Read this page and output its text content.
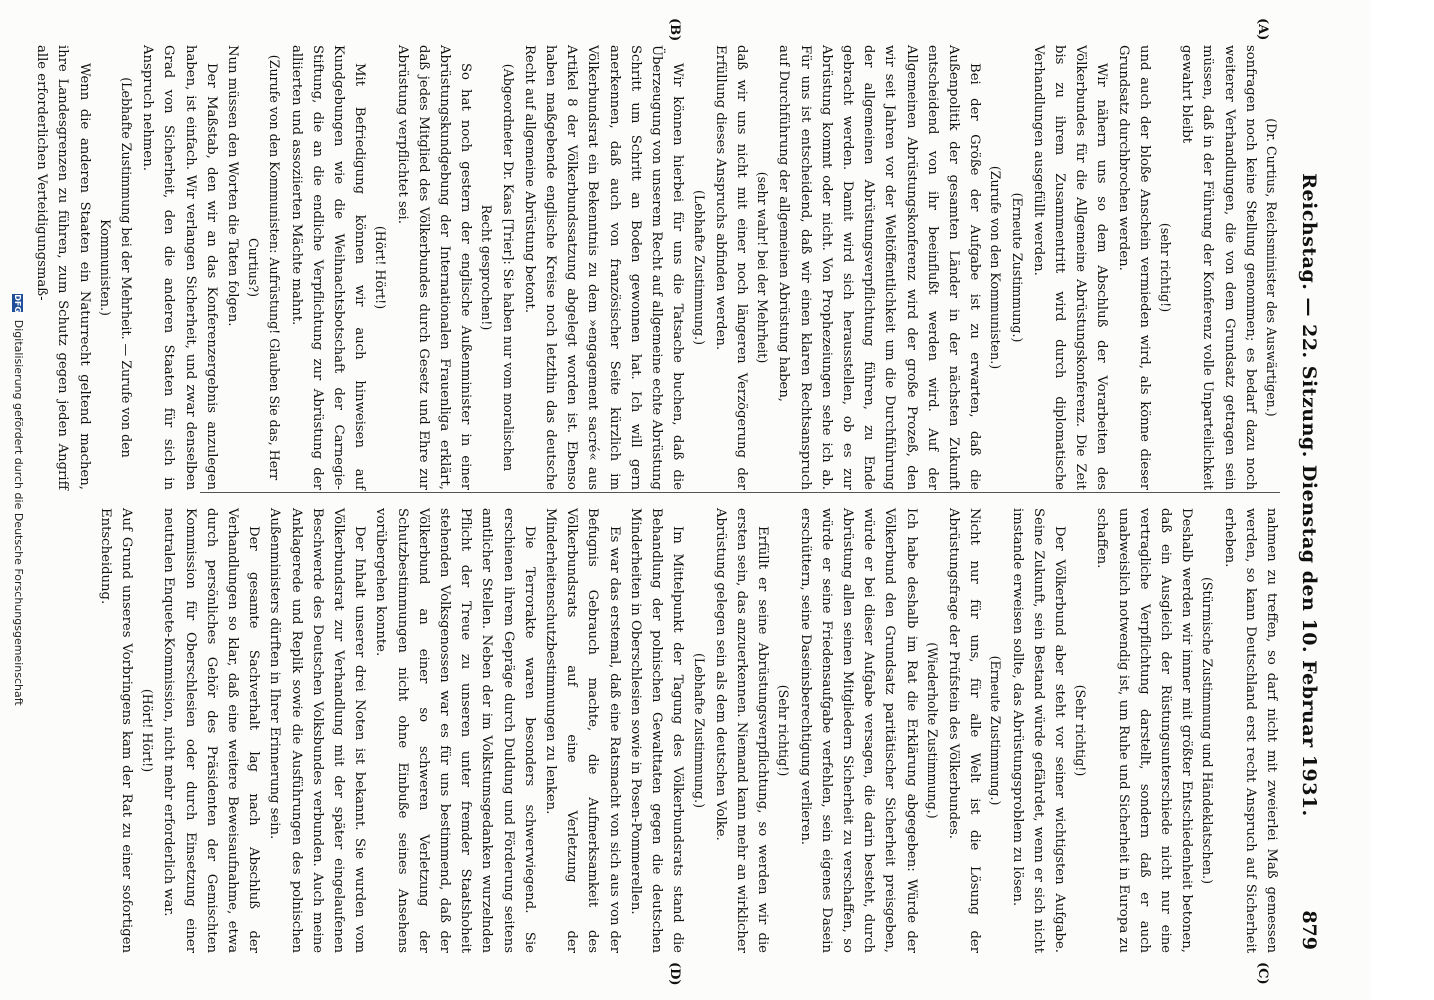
Reichstag. — 22. Sitzung. Dienstag den 10. Februar 1931.
879
(A)
(B)
(C)
(D)

(Dr. Curtius, Reichsminister des Auswärtigen.)

sonfragen noch keine Stellung genommen; es bedarf dazu noch weiterer Verhandlungen, die von dem Grundsatz getragen sein müssen, daß in der Führung der Konferenz volle Unparteilichkeit gewahrt bleibt

(sehr richtig!)

und auch der bloße Anschein vermieden wird, als könne dieser Grundsatz durchbrochen werden.

Wir nähern uns so dem Abschluß der Vorarbeiten des Völkerbundes für die Allgemeine Abrüstungskonferenz. Die Zeit bis zu ihrem Zusammentritt wird durch diplomatische Verhandlungen ausgefüllt werden.

(Erneute Zustimmung.)

(Zurufe von den Kommunisten.)

Bei der Größe der Aufgabe ist zu erwarten, daß die Außenpolitik der gesamten Länder in der nächsten Zukunft entscheidend von ihr beeinflußt werden wird. Auf der Allgemeinen Abrüstungskonferenz wird der große Prozeß, den wir seit Jahren vor der Weltöffentlichkeit um die Durchführung der allgemeinen Abrüstungsverpflichtung führen, zu Ende gebracht werden. Damit wird sich herausstellen, ob es zur Abrüstung kommt oder nicht. Von Prophezeiungen sehe ich ab. Für uns ist entscheidend, daß wir einen klaren Rechtsanspruch auf Durchführung der allgemeinen Abrüstung haben,

(sehr wahr! bei der Mehrheit)

daß wir uns nicht mit einer noch längeren Verzögerung der Erfüllung dieses Anspruchs abfinden werden.

(Lebhafte Zustimmung.)

Wir können hierbei für uns die Tatsache buchen, daß die Überzeugung von unserem Recht auf allgemeine echte Abrüstung Schritt um Schritt an Boden gewonnen hat. Ich will gern anerkennen, daß auch von französischer Seite kürzlich im Völkerbundsrat ein Bekenntnis zu dem »engagement sacré« aus Artikel 8 der Völkerbundssatzung abgelegt worden ist. Ebenso haben maßgebende englische Kreise noch letzthin das deutsche Recht auf allgemeine Abrüstung betont.

(Abgeordneter Dr. Kaas [Trier]: Sie haben nur vom moralischen Recht gesprochen!)

So hat noch gestern der englische Außenminister in einer Abrüstungskundgebung der Internationalen Frauenliga erklärt, daß jedes Mitglied des Völkerbundes durch Gesetz und Ehre zur Abrüstung verpflichtet sei.

(Hört! Hört!)

Mit Befriedigung können wir auch hinweisen auf Kundgebungen wie die Weihnachtsbotschaft der Carnegie-Stiftung, die an die endliche Verpflichtung zur Abrüstung der alliierten und assoziierten Mächte mahnt.

(Zurufe von den Kommunisten: Aufrüstung! Glauben Sie das, Herr Curtius?)

Nun müssen den Worten die Taten folgen.

Der Maßstab, den wir an das Konferenzergebnis anzulegen haben, ist einfach. Wir verlangen Sicherheit, und zwar denselben Grad von Sicherheit, den die anderen Staaten für sich in Anspruch nehmen.

(Lebhafte Zustimmung bei der Mehrheit. — Zurufe von den Kommunisten.)

Wenn die anderen Staaten ein Naturrecht geltend machen, ihre Landesgrenzen zu führen, zum Schutz gegen jeden Angriff alle erforderlichen Verteidigungsmaß-

nahmen zu treffen, so darf nicht mit zweierlei Maß gemessen werden, so kann Deutschland erst recht Anspruch auf Sicherheit erheben.

(Stürmische Zustimmung und Händeklatschen.)

Deshalb werden wir immer mit größter Entschiedenheit betonen, daß ein Ausgleich der Rüstungsunterschiede nicht nur eine vertragliche Verpflichtung darstellt, sondern daß er auch unabweislich notwendig ist, um Ruhe und Sicherheit in Europa zu schaffen.

(Sehr richtig!)

Der Völkerbund aber steht vor seiner wichtigsten Aufgabe. Seine Zukunft, sein Bestand würde gefährdet, wenn er sich nicht imstande erweisen sollte, das Abrüstungsproblem zu lösen.

(Erneute Zustimmung.)

Nicht nur für uns, für alle Welt ist die Lösung der Abrüstungsfrage der Prüfstein des Völkerbundes.

(Wiederholte Zustimmung.)

Ich habe deshalb im Rat die Erklärung abgegeben: Würde der Völkerbund den Grundsatz paritätischer Sicherheit preisgeben, würde er bei dieser Aufgabe versagen, die darin besteht, durch Abrüstung allen seinen Mitgliedern Sicherheit zu verschaffen, so würde er seine Friedensaufgabe verfehlen, sein eigenes Dasein erschüttern, seine Daseinsberechtigung verlieren.

(Sehr richtig!)

Erfüllt er seine Abrüstungsverpflichtung, so werden wir die ersten sein, das anzuerkennen. Niemand kann mehr an wirklicher Abrüstung gelegen sein als dem deutschen Volke.

(Lebhafte Zustimmung.)

Im Mittelpunkt der Tagung des Völkerbundsrats stand die Behandlung der polnischen Gewalttaten gegen die deutschen Minderheiten in Oberschlesien sowie in Posen-Pommerellen.

Es war das erstemal, daß eine Ratsmacht von sich aus von der Befugnis Gebrauch machte, die Aufmerksamkeit des Völkerbundsrats auf eine Verletzung der Minderheitenschutzbestimmungen zu lenken.

Die Terrorakte waren besonders schwerwiegend. Sie erschienen ihrem Gepräge durch Duldung und Förderung seitens amtlicher Stellen. Neben der im Volkstumsgedanken wurzelnden Pflicht der Treue zu unseren unter fremder Staatshoheit stehenden Volksgenossen war es für uns bestimmend, daß der Völkerbund an einer so schweren Verletzung der Schutzbestimmungen nicht ohne Einbuße seines Ansehens vorübergehen konnte.

Der Inhalt unserer drei Noten ist bekannt. Sie wurden vom Völkerbundsrat zur Verhandlung mit der später eingelaufenen Beschwerde des Deutschen Volksbundes verbunden. Auch meine Anklagerede und Replik sowie die Ausführungen des polnischen Außenministers dürften in Ihrer Erinnerung sein.

Der gesamte Sachverhalt lag nach Abschluß der Verhandlungen so klar, daß eine weitere Beweisaufnahme, etwa durch persönliches Gehör des Präsidenten der Gemischten Kommission für Oberschlesien oder durch Einsetzung einer neutralen Enquete-Kommission, nicht mehr erforderlich war.

(Hört! Hört!)

Auf Grund unseres Vorbringens kam der Rat zu einer sofortigen Entscheidung.

DFG Digitalisierung gefördert durch die Deutsche Forschungsgemeinschaft
